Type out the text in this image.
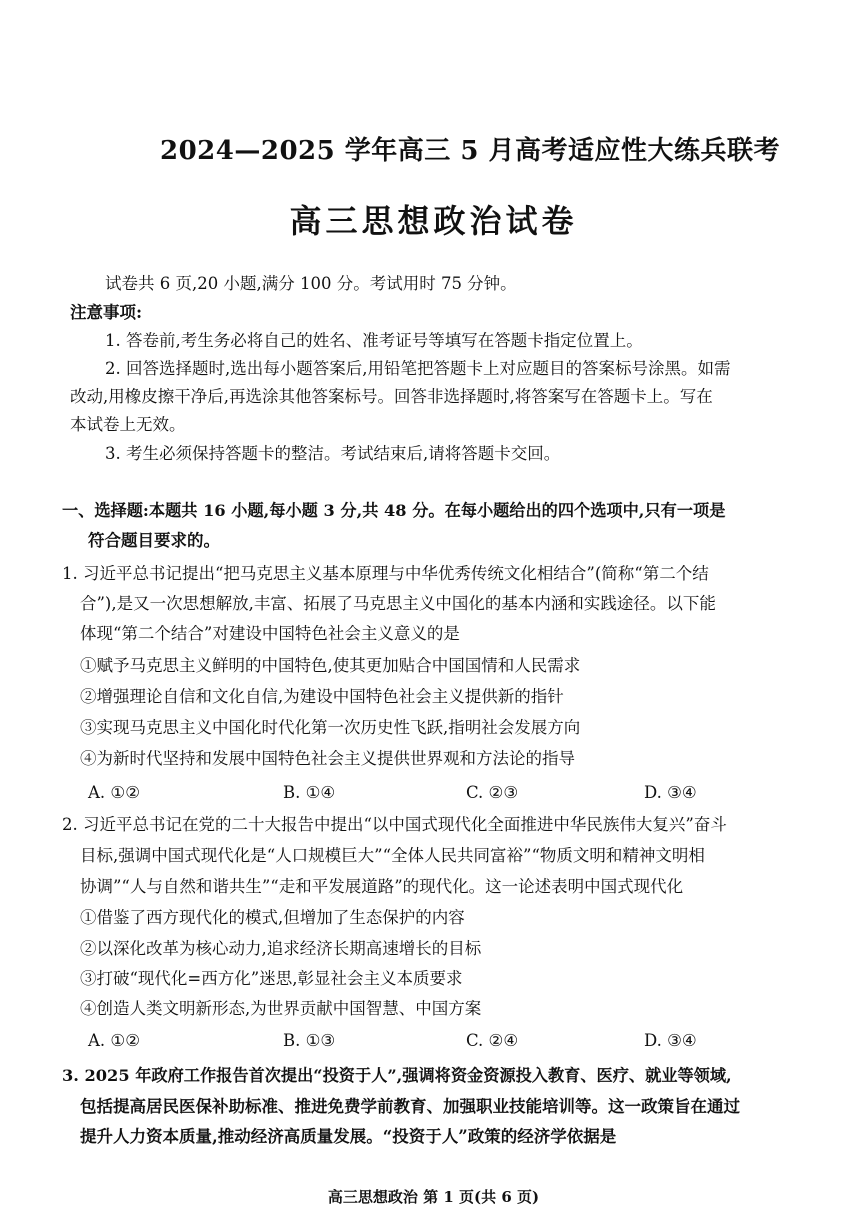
2024—2025 学年高三 5 月高考适应性大练兵联考
高三思想政治试卷
试卷共 6 页,20 小题,满分 100 分。考试用时 75 分钟。
注意事项:
1. 答卷前,考生务必将自己的姓名、准考证号等填写在答题卡指定位置上。
2. 回答选择题时,选出每小题答案后,用铅笔把答题卡上对应题目的答案标号涂黑。如需
改动,用橡皮擦干净后,再选涂其他答案标号。回答非选择题时,将答案写在答题卡上。写在
本试卷上无效。
3. 考生必须保持答题卡的整洁。考试结束后,请将答题卡交回。
一、选择题:本题共 16 小题,每小题 3 分,共 48 分。在每小题给出的四个选项中,只有一项是
符合题目要求的。
1. 习近平总书记提出“把马克思主义基本原理与中华优秀传统文化相结合”(简称“第二个结
合”),是又一次思想解放,丰富、拓展了马克思主义中国化的基本内涵和实践途径。以下能
体现“第二个结合”对建设中国特色社会主义意义的是
①赋予马克思主义鲜明的中国特色,使其更加贴合中国国情和人民需求
②增强理论自信和文化自信,为建设中国特色社会主义提供新的指针
③实现马克思主义中国化时代化第一次历史性飞跃,指明社会发展方向
④为新时代坚持和发展中国特色社会主义提供世界观和方法论的指导
A. ①②	B. ①④	C. ②③	D. ③④
2. 习近平总书记在党的二十大报告中提出“以中国式现代化全面推进中华民族伟大复兴”奋斗
目标,强调中国式现代化是“人口规模巨大”“全体人民共同富裕”“物质文明和精神文明相
协调”“人与自然和谐共生”“走和平发展道路”的现代化。这一论述表明中国式现代化
①借鉴了西方现代化的模式,但增加了生态保护的内容
②以深化改革为核心动力,追求经济长期高速增长的目标
③打破“现代化=西方化”迷思,彰显社会主义本质要求
④创造人类文明新形态,为世界贡献中国智慧、中国方案
A. ①②	B. ①③	C. ②④	D. ③④
3. 2025 年政府工作报告首次提出“投资于人”,强调将资金资源投入教育、医疗、就业等领域,
包括提高居民医保补助标准、推进免费学前教育、加强职业技能培训等。这一政策旨在通过
提升人力资本质量,推动经济高质量发展。“投资于人”政策的经济学依据是
高三思想政治 第 1 页(共 6 页)
